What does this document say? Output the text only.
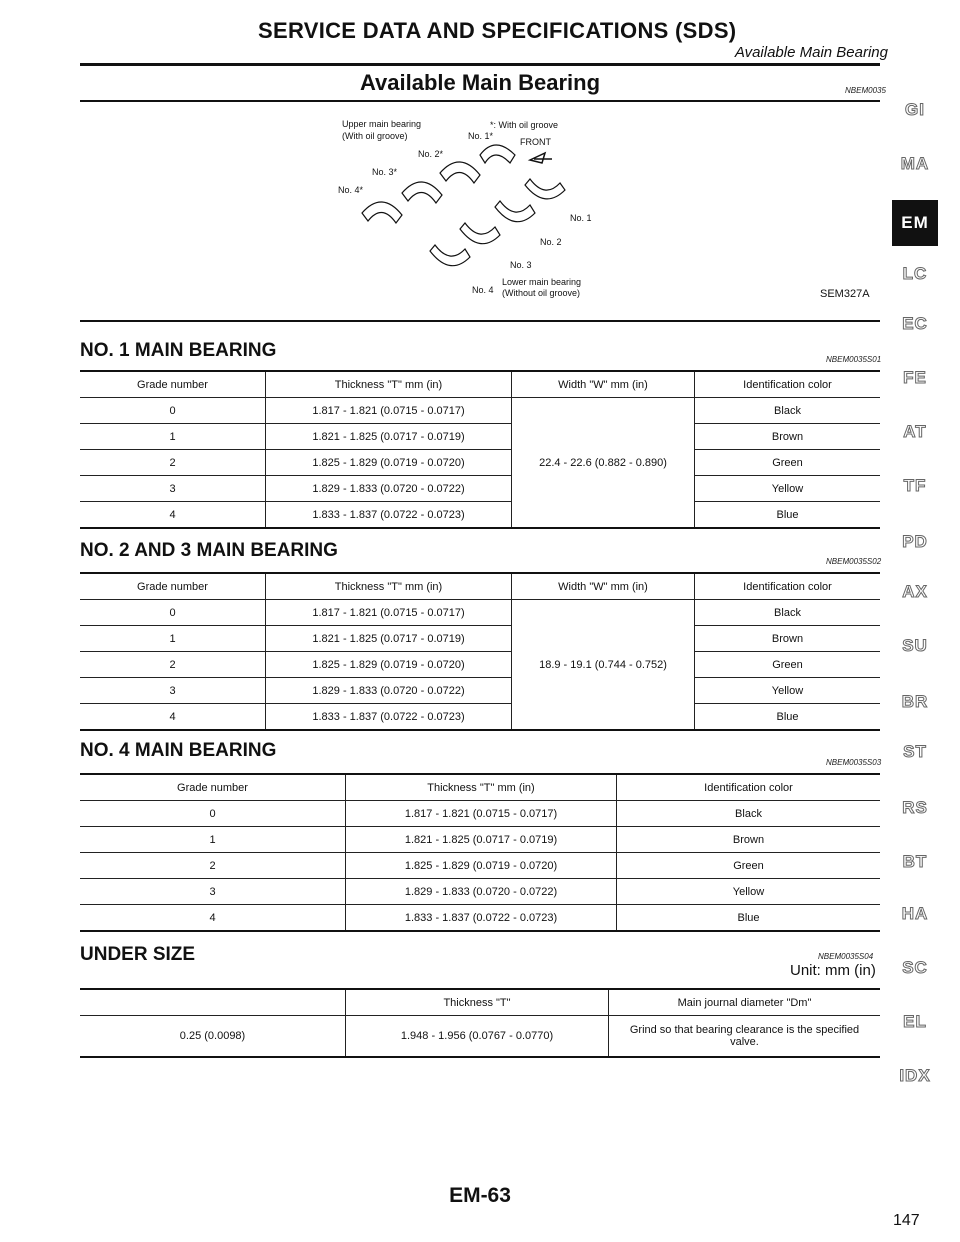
SERVICE DATA AND SPECIFICATIONS (SDS)
Available Main Bearing
Available Main Bearing	NBEM0035
Upper main bearing
(With oil groove)
*: With oil groove
No. 1*
FRONT
No. 2*
No. 3*
No. 4*
No. 1
No. 2
No. 3
No. 4
Lower main bearing
(Without oil groove)	SEM327A
NO. 1 MAIN BEARING	NBEM0035S01
Grade number	Thickness "T" mm (in)	Width "W" mm (in)	Identification color
0	1.817 - 1.821 (0.0715 - 0.0717)	22.4 - 22.6 (0.882 - 0.890)	Black
1	1.821 - 1.825 (0.0717 - 0.0719)		Brown
2	1.825 - 1.829 (0.0719 - 0.0720)		Green
3	1.829 - 1.833 (0.0720 - 0.0722)		Yellow
4	1.833 - 1.837 (0.0722 - 0.0723)		Blue
NO. 2 AND 3 MAIN BEARING
NBEM0035S02
Grade number	Thickness "T" mm (in)	Width "W" mm (in)	Identification color
0	1.817 - 1.821 (0.0715 - 0.0717)	18.9 - 19.1 (0.744 - 0.752)	Black
1	1.821 - 1.825 (0.0717 - 0.0719)		Brown
2	1.825 - 1.829 (0.0719 - 0.0720)		Green
3	1.829 - 1.833 (0.0720 - 0.0722)		Yellow
4	1.833 - 1.837 (0.0722 - 0.0723)		Blue
NO. 4 MAIN BEARING
NBEM0035S03
Grade number	Thickness "T" mm (in)	Identification color
0	1.817 - 1.821 (0.0715 - 0.0717)	Black
1	1.821 - 1.825 (0.0717 - 0.0719)	Brown
2	1.825 - 1.829 (0.0719 - 0.0720)	Green
3	1.829 - 1.833 (0.0720 - 0.0722)	Yellow
4	1.833 - 1.837 (0.0722 - 0.0723)	Blue
UNDER SIZE	NBEM0035S04
Unit: mm (in)
	Thickness "T"	Main journal diameter "Dm"
0.25 (0.0098)	1.948 - 1.956 (0.0767 - 0.0770)	Grind so that bearing clearance is the specified
valve.
GI
MA
EM
LC
EC
FE
AT
TF
PD
AX
SU
BR
ST
RS
BT
HA
SC
EL
IDX
EM-63
147
